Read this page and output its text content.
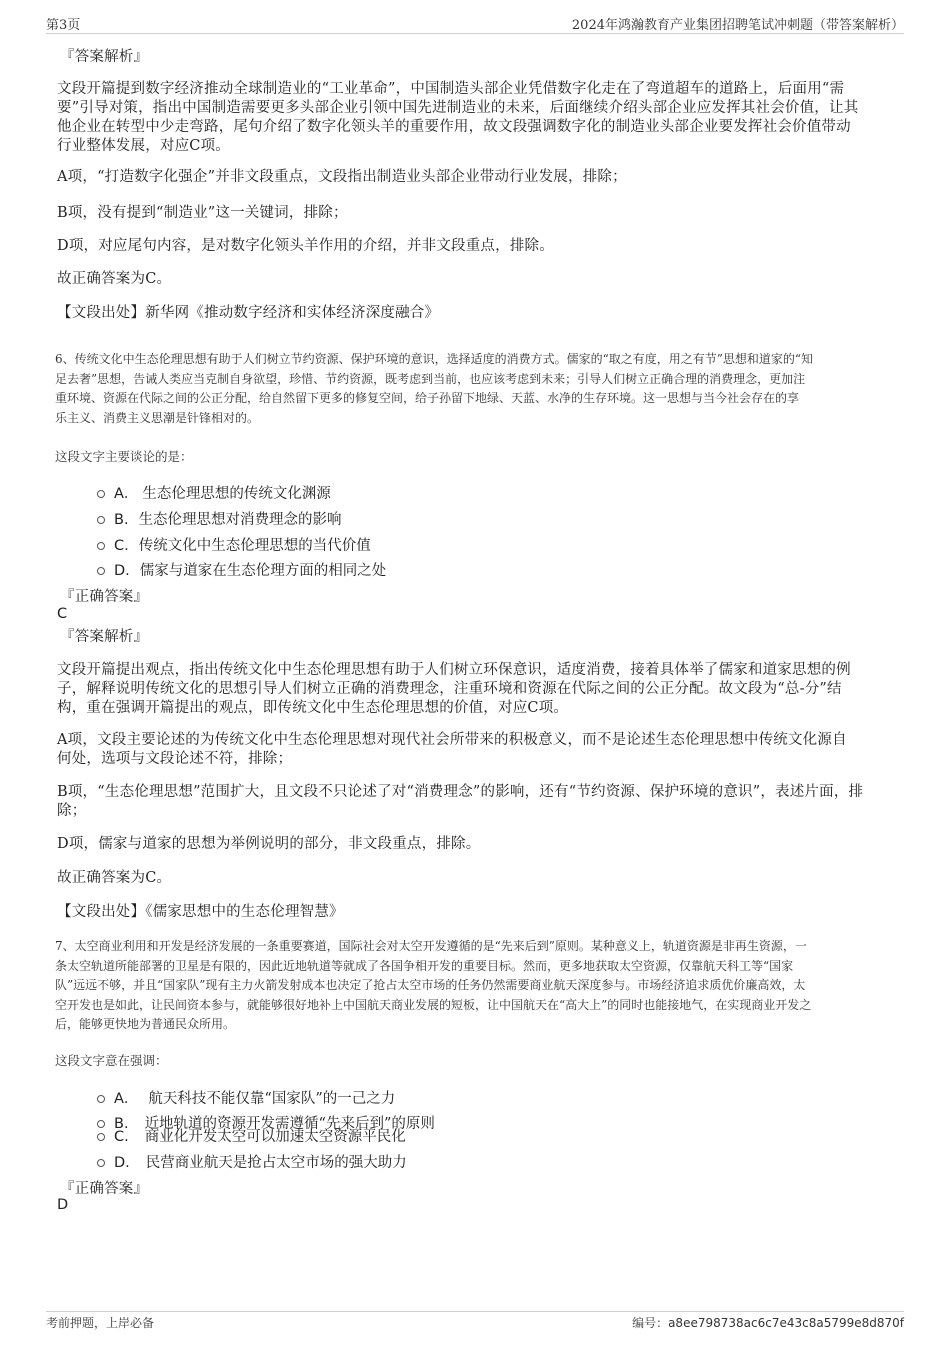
第3页	2024年鸿瀚教育产业集团招聘笔试冲刺题（带答案解析）
『答案解析』
文段开篇提到数字经济推动全球制造业的“工业革命”，中国制造头部企业凭借数字化走在了弯道超车的道路上，后面用“需
要”引导对策，指出中国制造需要更多头部企业引领中国先进制造业的未来，后面继续介绍头部企业应发挥其社会价值，让其
他企业在转型中少走弯路，尾句介绍了数字化领头羊的重要作用，故文段强调数字化的制造业头部企业要发挥社会价值带动
行业整体发展，对应C项。
A项，“打造数字化强企”并非文段重点，文段指出制造业头部企业带动行业发展，排除；
B项，没有提到“制造业”这一关键词，排除；
D项，对应尾句内容，是对数字化领头羊作用的介绍，并非文段重点，排除。
故正确答案为C。
【文段出处】新华网《推动数字经济和实体经济深度融合》
6、传统文化中生态伦理思想有助于人们树立节约资源、保护环境的意识，选择适度的消费方式。儒家的“取之有度，用之有节”思想和道家的“知
足去奢”思想，告诫人类应当克制自身欲望，珍惜、节约资源，既考虑到当前，也应该考虑到未来；引导人们树立正确合理的消费理念，更加注
重环境、资源在代际之间的公正分配，给自然留下更多的修复空间，给子孙留下地绿、天蓝、水净的生存环境。这一思想与当今社会存在的享
乐主义、消费主义思潮是针锋相对的。
这段文字主要谈论的是：
A． 生态伦理思想的传统文化渊源
B. 生态伦理思想对消费理念的影响
C. 传统文化中生态伦理思想的当代价值
D. 儒家与道家在生态伦理方面的相同之处
『正确答案』
C
『答案解析』
文段开篇提出观点，指出传统文化中生态伦理思想有助于人们树立环保意识，适度消费，接着具体举了儒家和道家思想的例
子，解释说明传统文化的思想引导人们树立正确的消费理念，注重环境和资源在代际之间的公正分配。故文段为“总-分”结
构，重在强调开篇提出的观点，即传统文化中生态伦理思想的价值，对应C项。
A项，文段主要论述的为传统文化中生态伦理思想对现代社会所带来的积极意义，而不是论述生态伦理思想中传统文化源自
何处，选项与文段论述不符，排除；
B项，“生态伦理思想”范围扩大，且文段不只论述了对“消费理念”的影响，还有“节约资源、保护环境的意识”，表述片面，排
除；
D项，儒家与道家的思想为举例说明的部分，非文段重点，排除。
故正确答案为C。
【文段出处】《儒家思想中的生态伦理智慧》
7、太空商业利用和开发是经济发展的一条重要赛道，国际社会对太空开发遵循的是“先来后到”原则。某种意义上，轨道资源是非再生资源，一
条太空轨道所能部署的卫星是有限的，因此近地轨道等就成了各国争相开发的重要目标。然而，更多地获取太空资源，仅靠航天科工等“国家
队”远远不够，并且“国家队”现有主力火箭发射成本也决定了抢占太空市场的任务仍然需要商业航天深度参与。市场经济追求质优价廉高效，太
空开发也是如此，让民间资本参与，就能够很好地补上中国航天商业发展的短板，让中国航天在“高大上”的同时也能接地气，在实现商业开发之
后，能够更快地为普通民众所用。
这段文字意在强调：
A． 航天科技不能仅靠“国家队”的一己之力
B. 近地轨道的资源开发需遵循“先来后到”的原则
C. 商业化开发太空可以加速太空资源平民化
D. 民营商业航天是抢占太空市场的强大助力
『正确答案』
D
考前押题，上岸必备	编号：a8ee798738ac6c7e43c8a5799e8d870f
